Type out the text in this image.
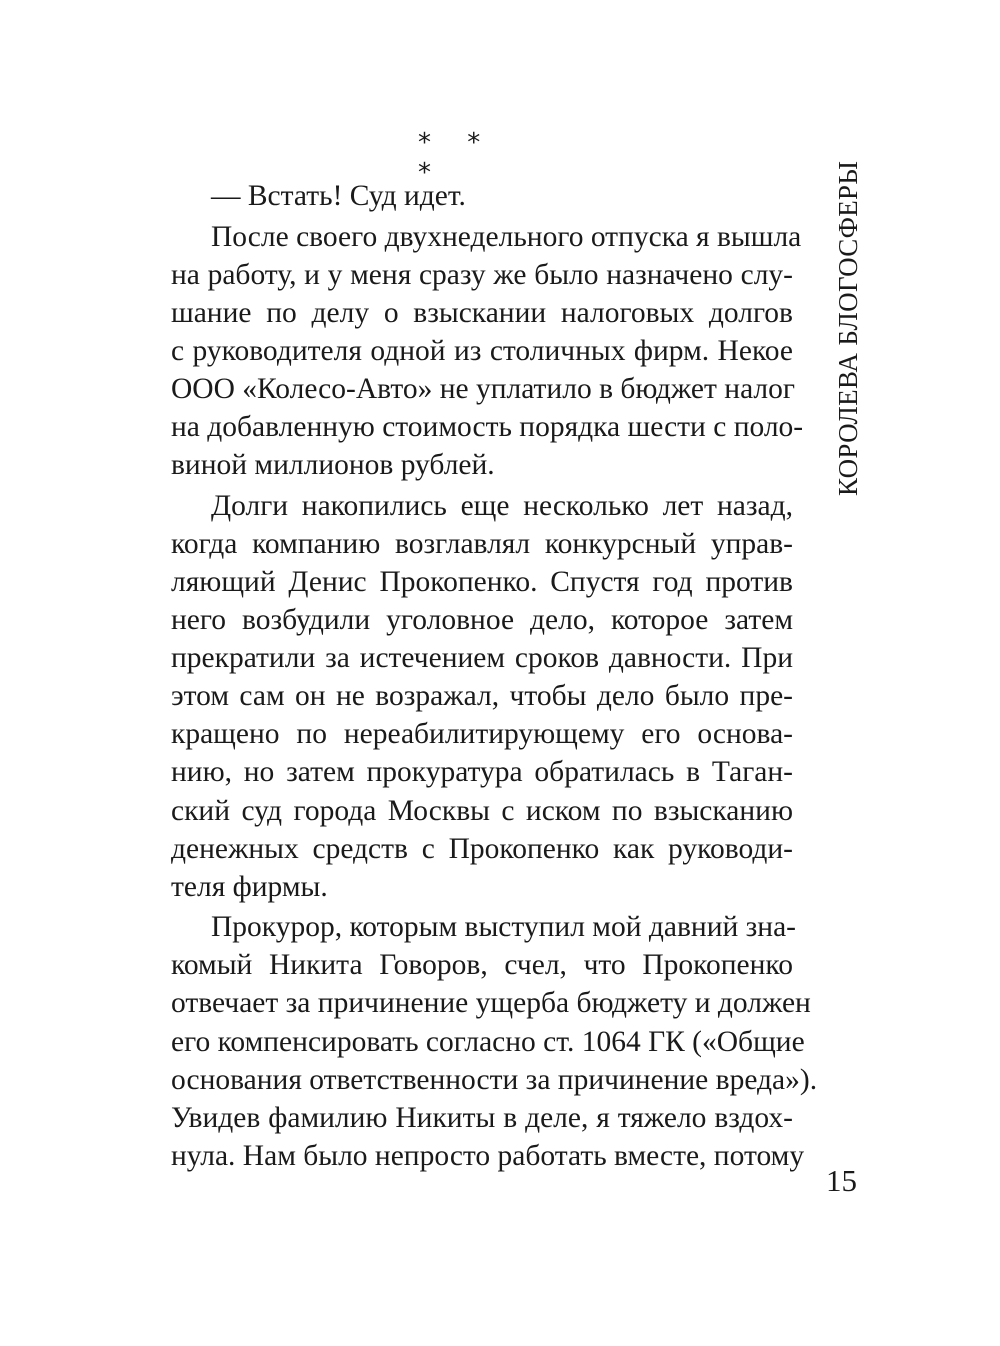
* * *
— Встать! Суд идет.
После своего двухнедельного отпуска я вышла
на работу, и у меня сразу же было назначено слу-
шание по делу о взыскании налоговых долгов
с руководителя одной из столичных фирм. Некое
ООО «Колесо-Авто» не уплатило в бюджет налог
на добавленную стоимость порядка шести с поло-
виной миллионов рублей.
Долги накопились еще несколько лет назад,
когда компанию возглавлял конкурсный управ-
ляющий Денис Прокопенко. Спустя год против
него возбудили уголовное дело, которое затем
прекратили за истечением сроков давности. При
этом сам он не возражал, чтобы дело было пре-
кращено по нереабилитирующему его основа-
нию, но затем прокуратура обратилась в Таган-
ский суд города Москвы с иском по взысканию
денежных средств с Прокопенко как руководи-
теля фирмы.
Прокурор, которым выступил мой давний зна-
комый Никита Говоров, счел, что Прокопенко
отвечает за причинение ущерба бюджету и должен
его компенсировать согласно ст. 1064 ГК («Общие
основания ответственности за причинение вреда»).
Увидев фамилию Никиты в деле, я тяжело вздох-
нула. Нам было непросто работать вместе, потому
КОРОЛЕВА БЛОГОСФЕРЫ
15
